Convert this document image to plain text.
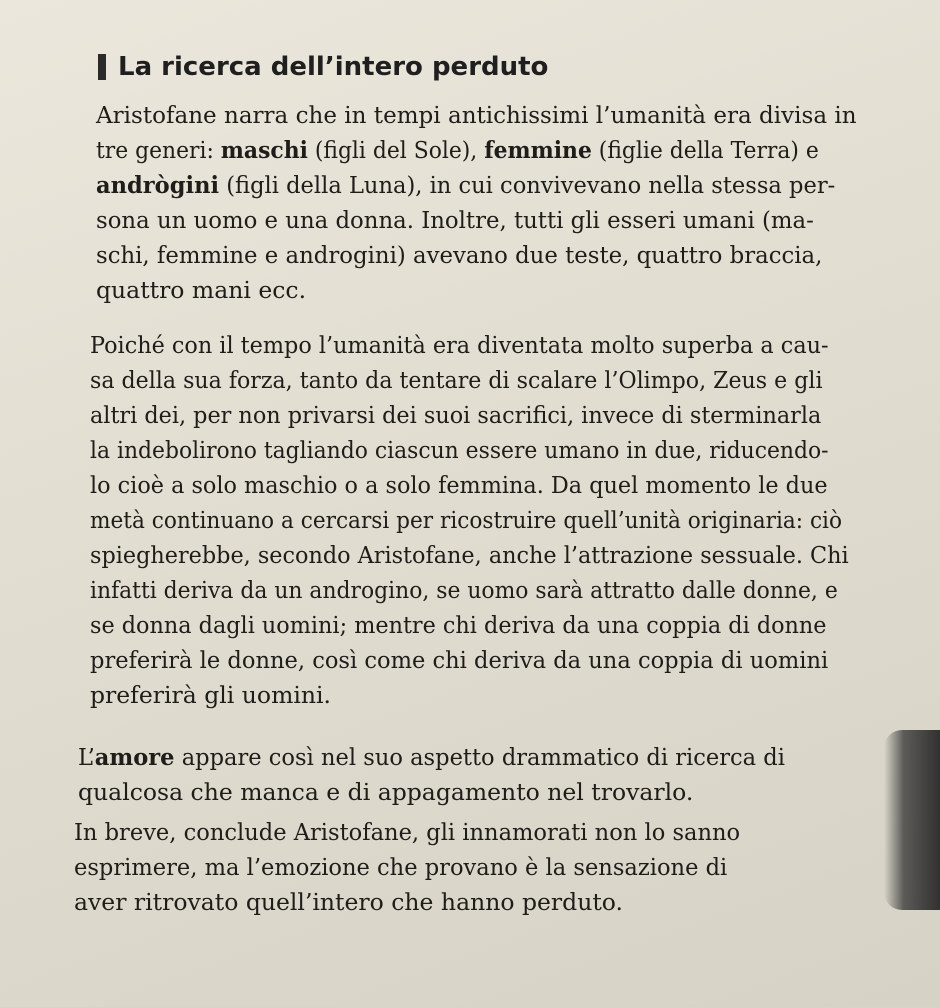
La ricerca dell’intero perduto
Aristofane narra che in tempi antichissimi l’umanità era divisa in
tre generi: maschi (figli del Sole), femmine (figlie della Terra) e
andrògini (figli della Luna), in cui convivevano nella stessa per-
sona un uomo e una donna. Inoltre, tutti gli esseri umani (ma-
schi, femmine e androgini) avevano due teste, quattro braccia,
quattro mani ecc.
Poiché con il tempo l’umanità era diventata molto superba a cau-
sa della sua forza, tanto da tentare di scalare l’Olimpo, Zeus e gli
altri dei, per non privarsi dei suoi sacrifici, invece di sterminarla
la indebolirono tagliando ciascun essere umano in due, riducendo-
lo cioè a solo maschio o a solo femmina. Da quel momento le due
metà continuano a cercarsi per ricostruire quell’unità originaria: ciò
spiegherebbe, secondo Aristofane, anche l’attrazione sessuale. Chi
infatti deriva da un androgino, se uomo sarà attratto dalle donne, e
se donna dagli uomini; mentre chi deriva da una coppia di donne
preferirà le donne, così come chi deriva da una coppia di uomini
preferirà gli uomini.
L’amore appare così nel suo aspetto drammatico di ricerca di
qualcosa che manca e di appagamento nel trovarlo.
In breve, conclude Aristofane, gli innamorati non lo sanno
esprimere, ma l’emozione che provano è la sensazione di
aver ritrovato quell’intero che hanno perduto.
